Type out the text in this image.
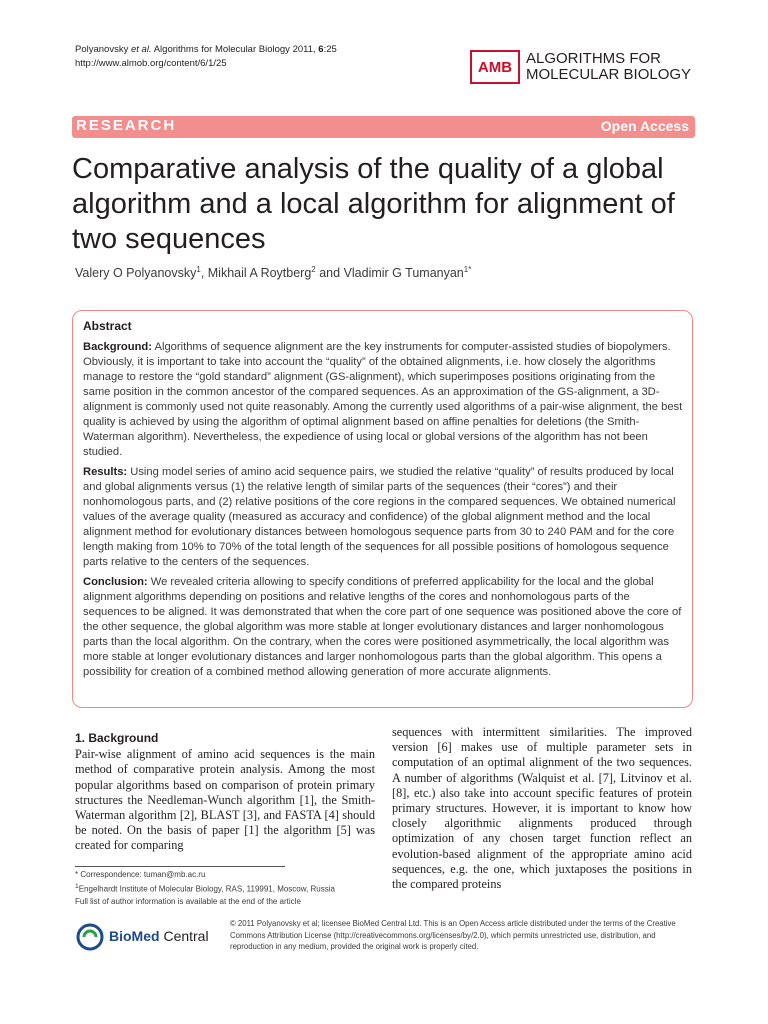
Polyanovsky et al. Algorithms for Molecular Biology 2011, 6:25
http://www.almob.org/content/6/1/25	AMB ALGORITHMS FOR
MOLECULAR BIOLOGY
RESEARCH	Open Access
Comparative analysis of the quality of a global algorithm and a local algorithm for alignment of two sequences
Valery O Polyanovsky$^1$, Mikhail A Roytberg$^2$ and Vladimir G Tumanyan$^{1*}$
Abstract

Background: Algorithms of sequence alignment are the key instruments for computer-assisted studies of biopolymers. Obviously, it is important to take into account the “quality” of the obtained alignments, i.e. how closely the algorithms manage to restore the “gold standard” alignment (GS-alignment), which superimposes positions originating from the same position in the common ancestor of the compared sequences. As an approximation of the GS-alignment, a 3D-alignment is commonly used not quite reasonably. Among the currently used algorithms of a pair-wise alignment, the best quality is achieved by using the algorithm of optimal alignment based on affine penalties for deletions (the Smith-Waterman algorithm). Nevertheless, the expedience of using local or global versions of the algorithm has not been studied.

Results: Using model series of amino acid sequence pairs, we studied the relative “quality” of results produced by local and global alignments versus (1) the relative length of similar parts of the sequences (their “cores”) and their nonhomologous parts, and (2) relative positions of the core regions in the compared sequences. We obtained numerical values of the average quality (measured as accuracy and confidence) of the global alignment method and the local alignment method for evolutionary distances between homologous sequence parts from 30 to 240 PAM and for the core length making from 10% to 70% of the total length of the sequences for all possible positions of homologous sequence parts relative to the centers of the sequences.

Conclusion: We revealed criteria allowing to specify conditions of preferred applicability for the local and the global alignment algorithms depending on positions and relative lengths of the cores and nonhomologous parts of the sequences to be aligned. It was demonstrated that when the core part of one sequence was positioned above the core of the other sequence, the global algorithm was more stable at longer evolutionary distances and larger nonhomologous parts than the local algorithm. On the contrary, when the cores were positioned asymmetrically, the local algorithm was more stable at longer evolutionary distances and larger nonhomologous parts than the global algorithm. This opens a possibility for creation of a combined method allowing generation of more accurate alignments.

1. Background

Pair-wise alignment of amino acid sequences is the main method of comparative protein analysis. Among the most popular algorithms based on comparison of protein primary structures the Needleman-Wunch algorithm [1], the Smith-Waterman algorithm [2], BLAST [3], and FASTA [4] should be noted. On the basis of paper [1] the algorithm [5] was created for comparing

sequences with intermittent similarities. The improved version [6] makes use of multiple parameter sets in computation of an optimal alignment of the two sequences. A number of algorithms (Walquist et al. [7], Litvinov et al. [8], etc.) also take into account specific features of protein primary structures. However, it is important to know how closely algorithmic alignments produced through optimization of any chosen target function reflect an evolution-based alignment of the appropriate amino acid sequences, e.g. the one, which juxtaposes the positions in the compared proteins

* Correspondence: tuman@mb.ac.ru
$^1$Engelhardt Institute of Molecular Biology, RAS, 119991, Moscow, Russia
Full list of author information is available at the end of the article
BioMed Central
© 2011 Polyanovsky et al; licensee BioMed Central Ltd. This is an Open Access article distributed under the terms of the Creative Commons Attribution License (http://creativecommons.org/licenses/by/2.0), which permits unrestricted use, distribution, and reproduction in any medium, provided the original work is properly cited.
